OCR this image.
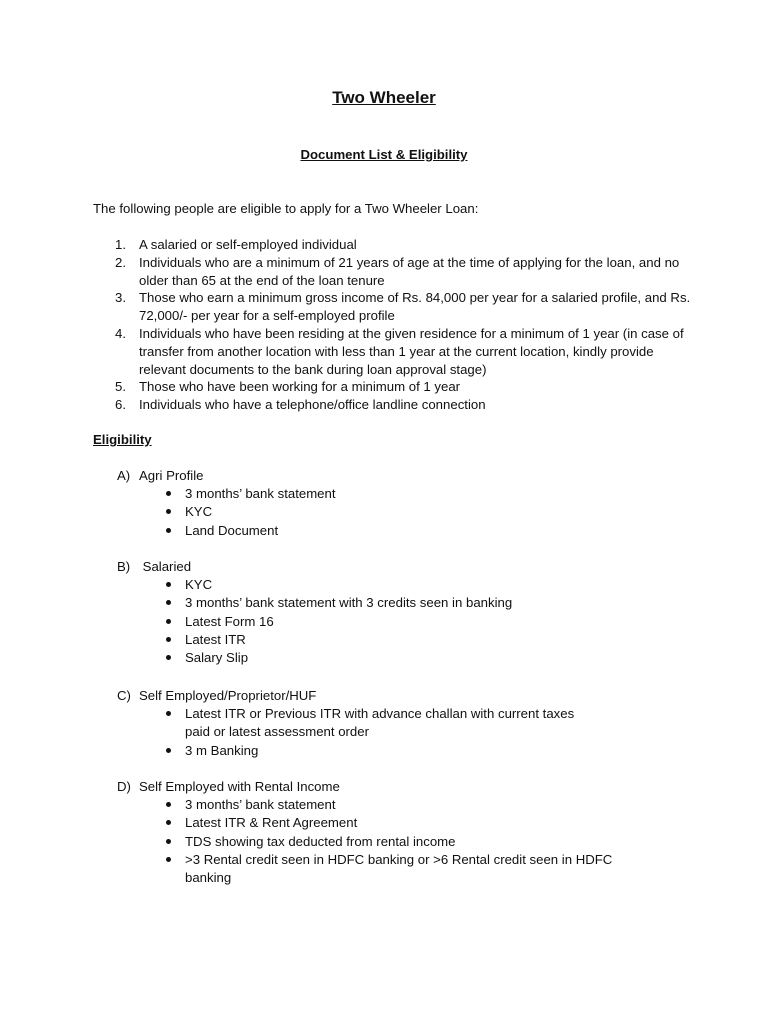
Two Wheeler
Document List & Eligibility
The following people are eligible to apply for a Two Wheeler Loan:
1. A salaried or self-employed individual
2. Individuals who are a minimum of 21 years of age at the time of applying for the loan, and no older than 65 at the end of the loan tenure
3. Those who earn a minimum gross income of Rs. 84,000 per year for a salaried profile, and Rs. 72,000/- per year for a self-employed profile
4. Individuals who have been residing at the given residence for a minimum of 1 year (in case of transfer from another location with less than 1 year at the current location, kindly provide relevant documents to the bank during loan approval stage)
5. Those who have been working for a minimum of 1 year
6. Individuals who have a telephone/office landline connection
Eligibility
A) Agri Profile
3 months’ bank statement
KYC
Land Document
B) Salaried
KYC
3 months’ bank statement with 3 credits seen in banking
Latest Form 16
Latest ITR
Salary Slip
C) Self Employed/Proprietor/HUF
Latest ITR or Previous ITR with advance challan with current taxes paid or latest assessment order
3 m Banking
D) Self Employed with Rental Income
3 months’ bank statement
Latest ITR & Rent Agreement
TDS showing tax deducted from rental income
>3 Rental credit seen in HDFC banking or >6 Rental credit seen in HDFC banking
